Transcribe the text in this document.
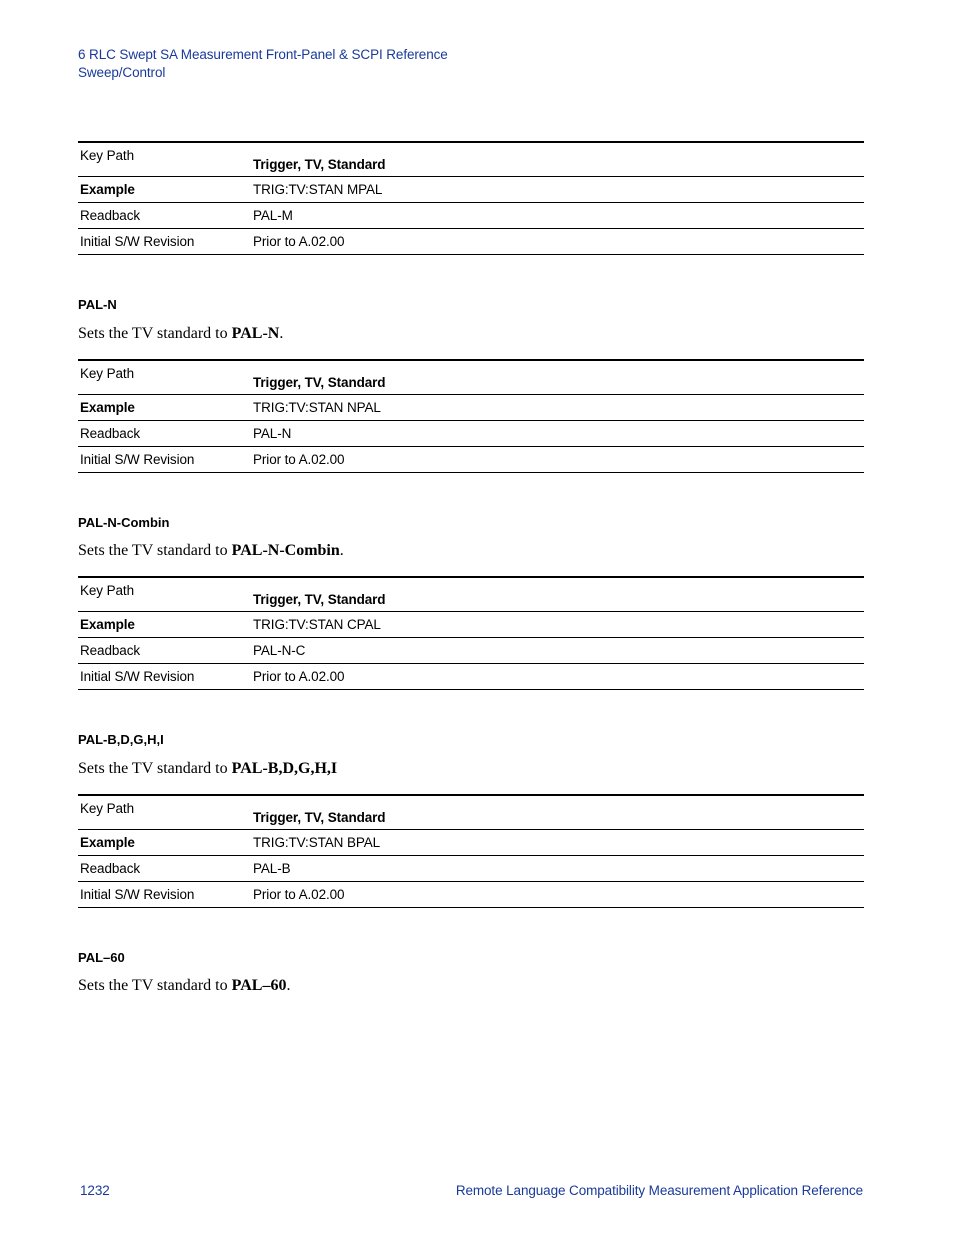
6 RLC Swept SA Measurement Front-Panel & SCPI Reference
Sweep/Control
Key Path	Trigger, TV, Standard
Example	TRIG:TV:STAN MPAL
Readback	PAL-M
Initial S/W Revision	Prior to A.02.00
PAL-N
Sets the TV standard to PAL-N.
Key Path	Trigger, TV, Standard
Example	TRIG:TV:STAN NPAL
Readback	PAL-N
Initial S/W Revision	Prior to A.02.00
PAL-N-Combin
Sets the TV standard to PAL-N-Combin.
Key Path	Trigger, TV, Standard
Example	TRIG:TV:STAN CPAL
Readback	PAL-N-C
Initial S/W Revision	Prior to A.02.00
PAL-B,D,G,H,I
Sets the TV standard to PAL-B,D,G,H,I
Key Path	Trigger, TV, Standard
Example	TRIG:TV:STAN BPAL
Readback	PAL-B
Initial S/W Revision	Prior to A.02.00
PAL–60
Sets the TV standard to PAL–60.
1232	Remote Language Compatibility Measurement Application Reference
